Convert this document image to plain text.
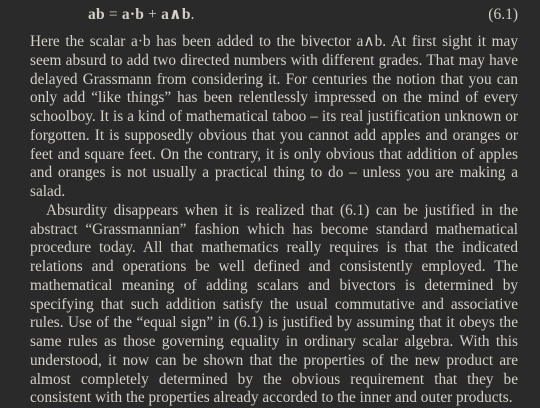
ab = a·b + a∧b.	(6.1)

Here the scalar a·b has been added to the bivector a∧b. At first sight it may seem absurd to add two directed numbers with different grades. That may have delayed Grassmann from considering it. For centuries the notion that you can only add “like things” has been relentlessly impressed on the mind of every schoolboy. It is a kind of mathematical taboo – its real justification unknown or forgotten. It is supposedly obvious that you cannot add apples and oranges or feet and square feet. On the contrary, it is only obvious that addition of apples and oranges is not usually a practical thing to do – unless you are making a salad.

Absurdity disappears when it is realized that (6.1) can be justified in the abstract “Grassmannian” fashion which has become standard mathematical procedure today. All that mathematics really requires is that the indicated relations and operations be well defined and consistently employed. The mathematical meaning of adding scalars and bivectors is determined by specifying that such addition satisfy the usual commutative and associative rules. Use of the “equal sign” in (6.1) is justified by assuming that it obeys the same rules as those governing equality in ordinary scalar algebra. With this understood, it now can be shown that the properties of the new product are almost completely determined by the obvious requirement that they be consistent with the properties already accorded to the inner and outer products.
